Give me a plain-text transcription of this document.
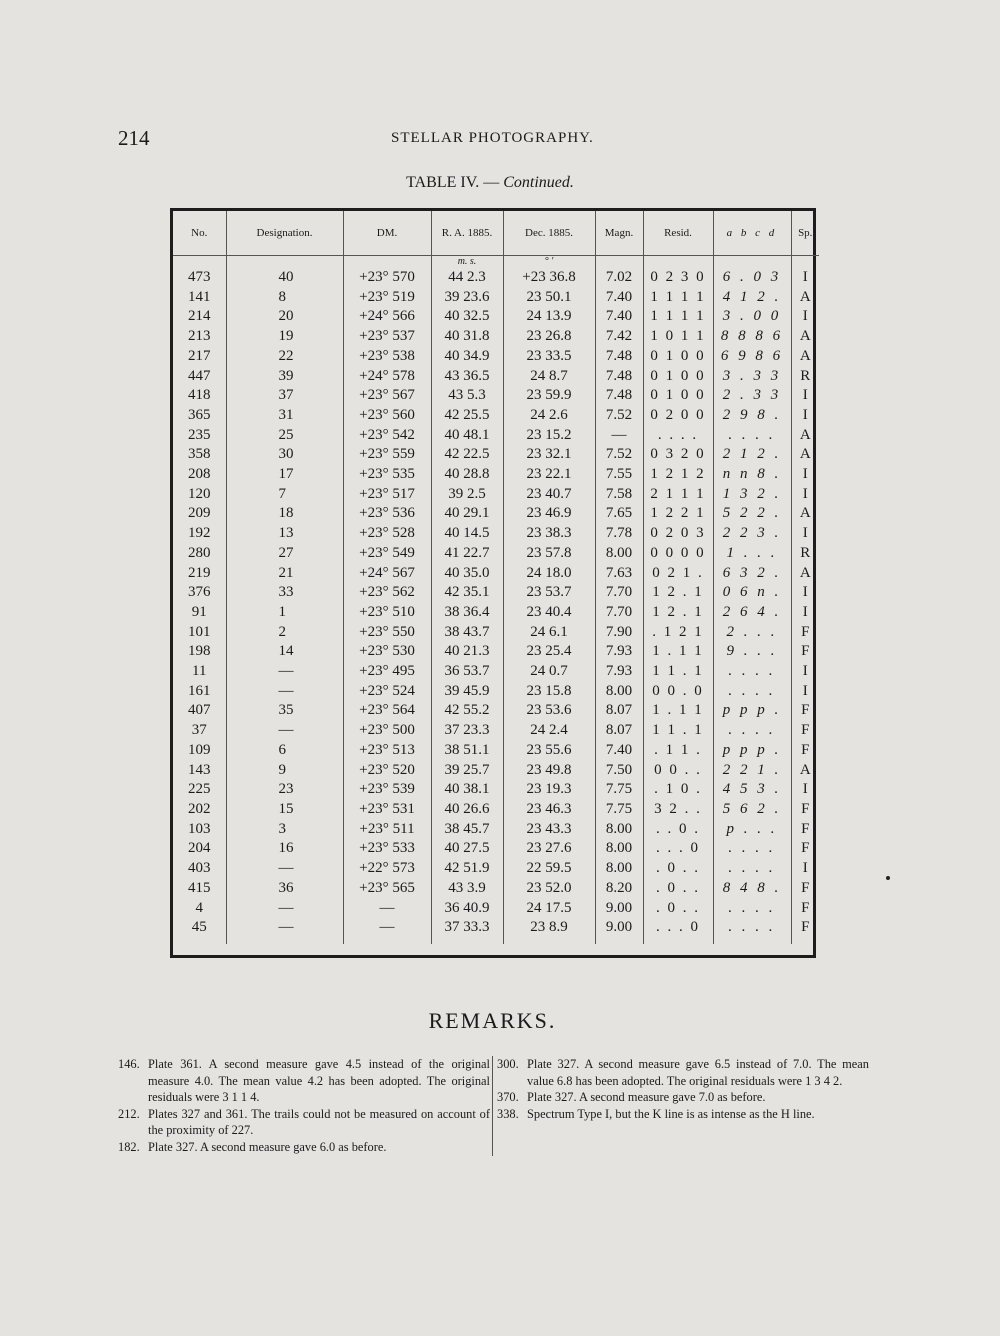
214	STELLAR PHOTOGRAPHY.
TABLE IV. — Continued.
No.	Designation.	DM.	R. A. 1885.	Dec. 1885.	Magn.	Resid.	a b c d	Sp.
			m. s.	° ′				
473	40	+23° 570	44 2.3	+23 36.8	7.02	0 2 3 0	6 . 0 3	I
141	8	+23° 519	39 23.6	23 50.1	7.40	1 1 1 1	4 1 2 .	A
214	20	+24° 566	40 32.5	24 13.9	7.40	1 1 1 1	3 . 0 0	I
213	19	+23° 537	40 31.8	23 26.8	7.42	1 0 1 1	8 8 8 6	A
217	22	+23° 538	40 34.9	23 33.5	7.48	0 1 0 0	6 9 8 6	A
447	39	+24° 578	43 36.5	24 8.7	7.48	0 1 0 0	3 . 3 3	R
418	37	+23° 567	43 5.3	23 59.9	7.48	0 1 0 0	2 . 3 3	I
365	31	+23° 560	42 25.5	24 2.6	7.52	0 2 0 0	2 9 8 .	I
235	25	+23° 542	40 48.1	23 15.2	—	. . . .	. . . .	A
358	30	+23° 559	42 22.5	23 32.1	7.52	0 3 2 0	2 1 2 .	A
208	17	+23° 535	40 28.8	23 22.1	7.55	1 2 1 2	n n 8 .	I
120	7	+23° 517	39 2.5	23 40.7	7.58	2 1 1 1	1 3 2 .	I
209	18	+23° 536	40 29.1	23 46.9	7.65	1 2 2 1	5 2 2 .	A
192	13	+23° 528	40 14.5	23 38.3	7.78	0 2 0 3	2 2 3 .	I
280	27	+23° 549	41 22.7	23 57.8	8.00	0 0 0 0	1 . . .	R
219	21	+24° 567	40 35.0	24 18.0	7.63	0 2 1 .	6 3 2 .	A
376	33	+23° 562	42 35.1	23 53.7	7.70	1 2 . 1	0 6 n .	I
91	1	+23° 510	38 36.4	23 40.4	7.70	1 2 . 1	2 6 4 .	I
101	2	+23° 550	38 43.7	24 6.1	7.90	. 1 2 1	2 . . .	F
198	14	+23° 530	40 21.3	23 25.4	7.93	1 . 1 1	9 . . .	F
11	—	+23° 495	36 53.7	24 0.7	7.93	1 1 . 1	. . . .	I
161	—	+23° 524	39 45.9	23 15.8	8.00	0 0 . 0	. . . .	I
407	35	+23° 564	42 55.2	23 53.6	8.07	1 . 1 1	p p p .	F
37	—	+23° 500	37 23.3	24 2.4	8.07	1 1 . 1	. . . .	F
109	6	+23° 513	38 51.1	23 55.6	7.40	. 1 1 .	p p p .	F
143	9	+23° 520	39 25.7	23 49.8	7.50	0 0 . .	2 2 1 .	A
225	23	+23° 539	40 38.1	23 19.3	7.75	. 1 0 .	4 5 3 .	I
202	15	+23° 531	40 26.6	23 46.3	7.75	3 2 . .	5 6 2 .	F
103	3	+23° 511	38 45.7	23 43.3	8.00	. . 0 .	p . . .	F
204	16	+23° 533	40 27.5	23 27.6	8.00	. . . 0	. . . .	F
403	—	+22° 573	42 51.9	22 59.5	8.00	. 0 . .	. . . .	I
415	36	+23° 565	43 3.9	23 52.0	8.20	. 0 . .	8 4 8 .	F
4	—	—	36 40.9	24 17.5	9.00	. 0 . .	. . . .	F
45	—	—	37 33.3	23 8.9	9.00	. . . 0	. . . .	F
REMARKS.
146. Plate 361. A second measure gave 4.5 instead of the original measure 4.0. The mean value 4.2 has been adopted. The original residuals were 3 1 1 4.
212. Plates 327 and 361. The trails could not be measured on account of the proximity of 227.
182. Plate 327. A second measure gave 6.0 as before.
300. Plate 327. A second measure gave 6.5 instead of 7.0. The mean value 6.8 has been adopted. The original residuals were 1 3 4 2.
370. Plate 327. A second measure gave 7.0 as before.
338. Spectrum Type I, but the K line is as intense as the H line.
